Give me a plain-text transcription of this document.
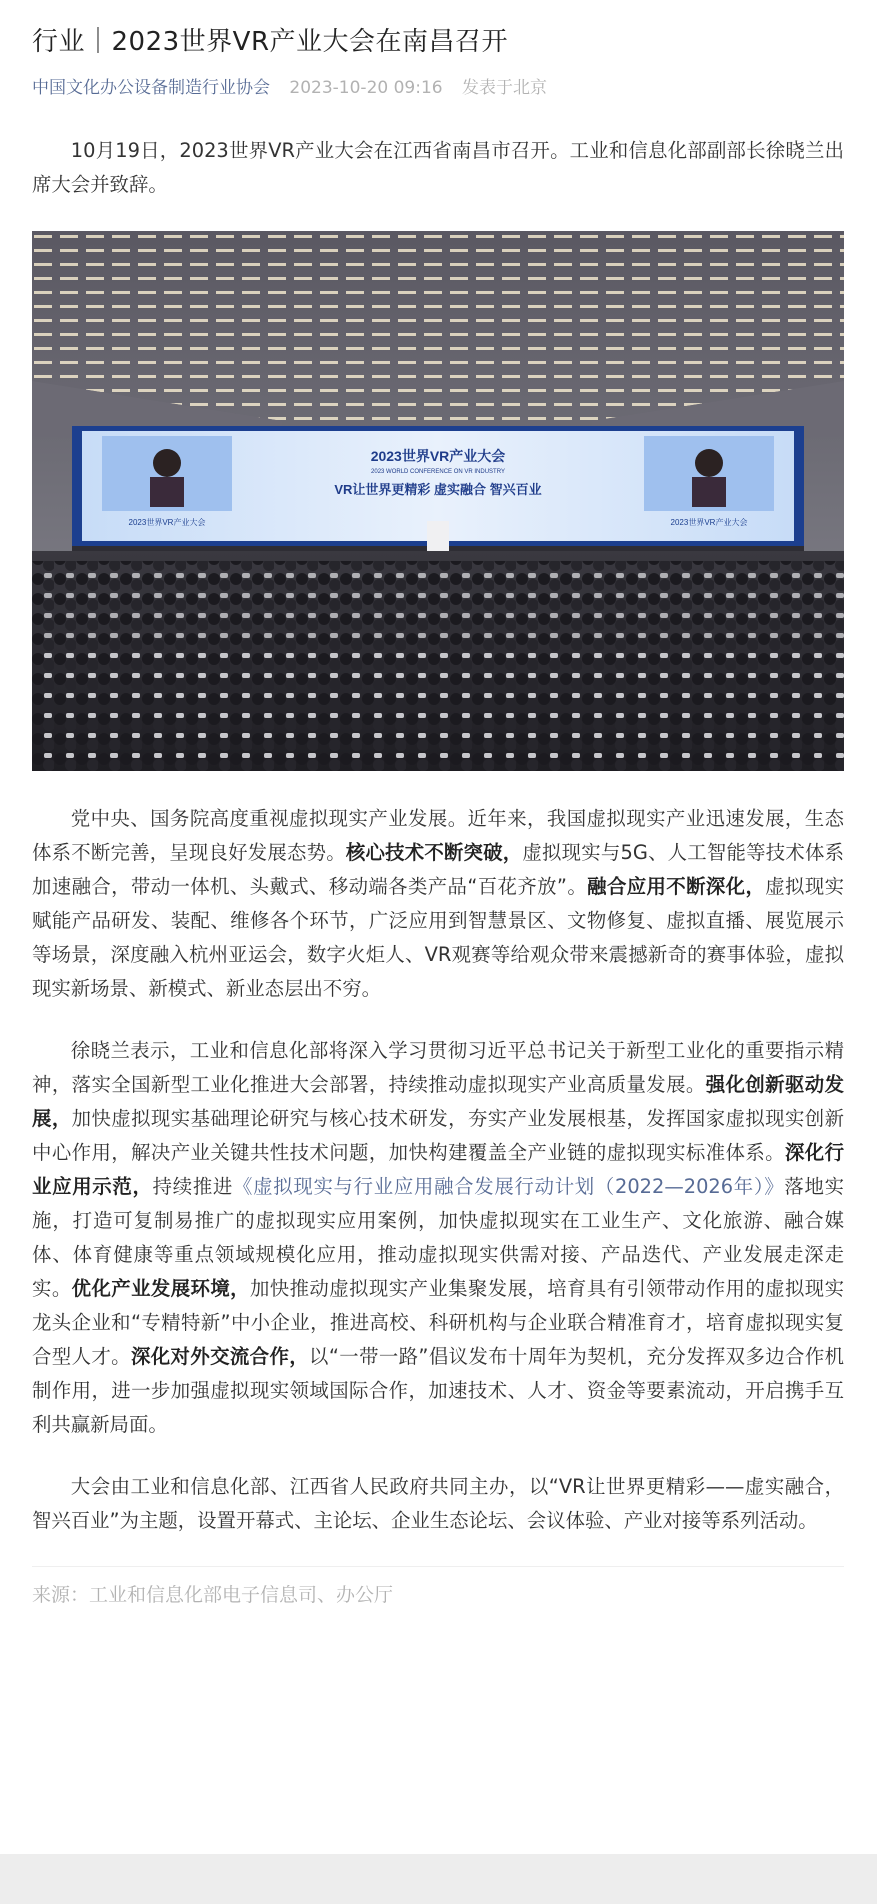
行业｜2023世界VR产业大会在南昌召开
中国文化办公设备制造行业协会 2023-10-20 09:16 发表于北京

10月19日，2023世界VR产业大会在江西省南昌市召开。工业和信息化部副部长徐晓兰出席大会并致辞。

2023世界VR产业大会	2023世界VR产业大会
2023世界VR产业大会
2023 WORLD CONFERENCE ON VR INDUSTRY
VR让世界更精彩 虚实融合 智兴百业

党中央、国务院高度重视虚拟现实产业发展。近年来，我国虚拟现实产业迅速发展，生态体系不断完善，呈现良好发展态势。核心技术不断突破，虚拟现实与5G、人工智能等技术体系加速融合，带动一体机、头戴式、移动端各类产品“百花齐放”。融合应用不断深化，虚拟现实赋能产品研发、装配、维修各个环节，广泛应用到智慧景区、文物修复、虚拟直播、展览展示等场景，深度融入杭州亚运会，数字火炬人、VR观赛等给观众带来震撼新奇的赛事体验，虚拟现实新场景、新模式、新业态层出不穷。

徐晓兰表示，工业和信息化部将深入学习贯彻习近平总书记关于新型工业化的重要指示精神，落实全国新型工业化推进大会部署，持续推动虚拟现实产业高质量发展。强化创新驱动发展，加快虚拟现实基础理论研究与核心技术研发，夯实产业发展根基，发挥国家虚拟现实创新中心作用，解决产业关键共性技术问题，加快构建覆盖全产业链的虚拟现实标准体系。深化行业应用示范，持续推进《虚拟现实与行业应用融合发展行动计划（2022—2026年）》落地实施，打造可复制易推广的虚拟现实应用案例，加快虚拟现实在工业生产、文化旅游、融合媒体、体育健康等重点领域规模化应用，推动虚拟现实供需对接、产品迭代、产业发展走深走实。优化产业发展环境，加快推动虚拟现实产业集聚发展，培育具有引领带动作用的虚拟现实龙头企业和“专精特新”中小企业，推进高校、科研机构与企业联合精准育才，培育虚拟现实复合型人才。深化对外交流合作，以“一带一路”倡议发布十周年为契机，充分发挥双多边合作机制作用，进一步加强虚拟现实领域国际合作，加速技术、人才、资金等要素流动，开启携手互利共赢新局面。

大会由工业和信息化部、江西省人民政府共同主办，以“VR让世界更精彩——虚实融合，智兴百业”为主题，设置开幕式、主论坛、企业生态论坛、会议体验、产业对接等系列活动。

来源：工业和信息化部电子信息司、办公厅
